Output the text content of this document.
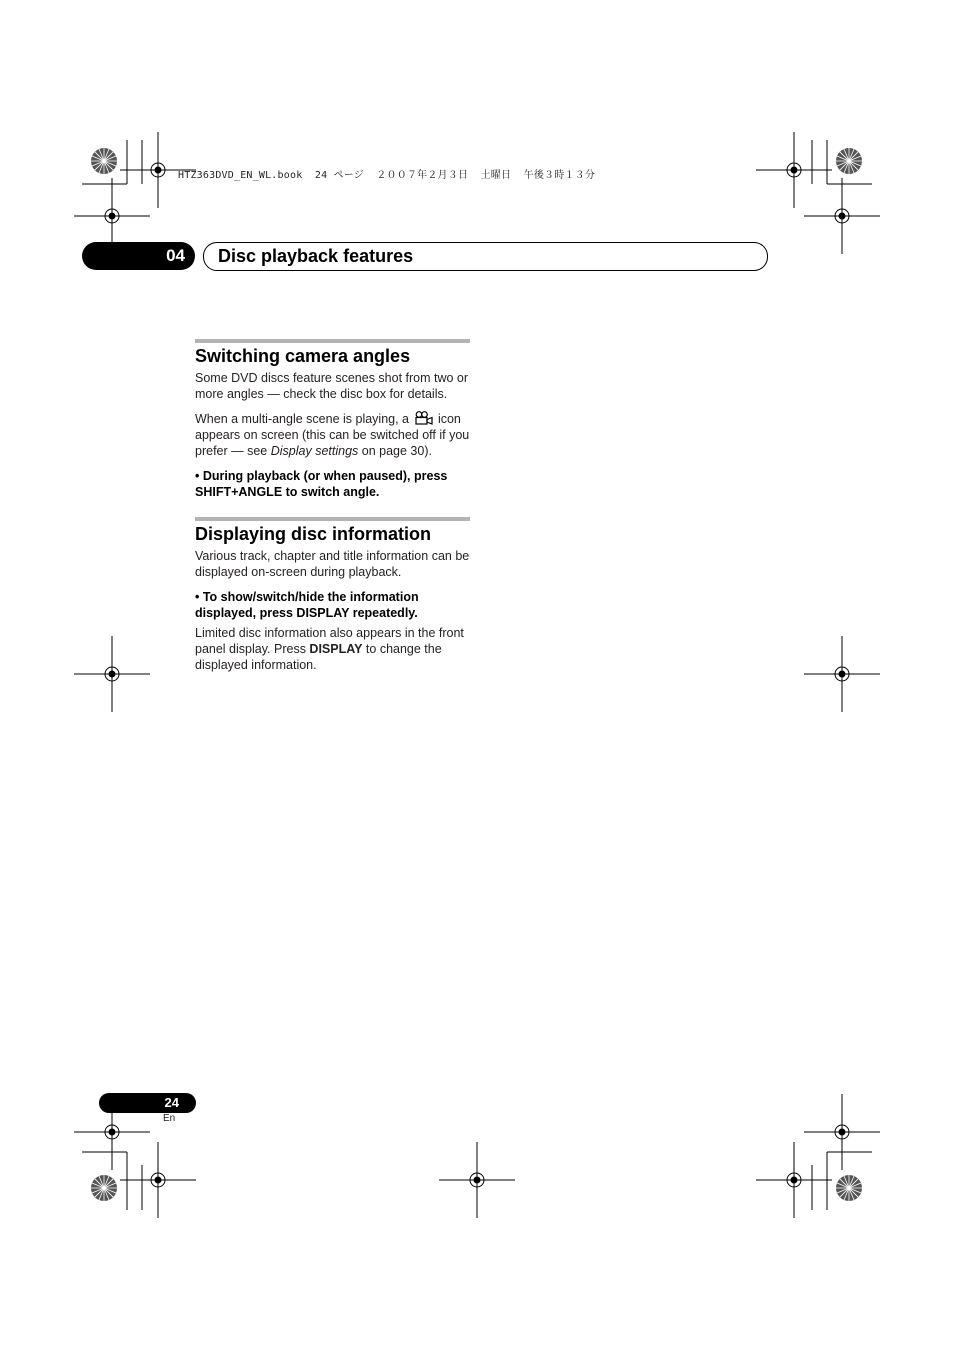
HTZ363DVD_EN_WL.book  24 ページ  ２００７年２月３日  土曜日  午後３時１３分
04 Disc playback features
Switching camera angles

Some DVD discs feature scenes shot from two or more angles — check the disc box for details.

When a multi-angle scene is playing, a  icon appears on screen (this can be switched off if you prefer — see Display settings on page 30).

• During playback (or when paused), press SHIFT+ANGLE to switch angle.

Displaying disc information

Various track, chapter and title information can be displayed on-screen during playback.

• To show/switch/hide the information displayed, press DISPLAY repeatedly.

Limited disc information also appears in the front panel display. Press DISPLAY to change the displayed information.

24
En
